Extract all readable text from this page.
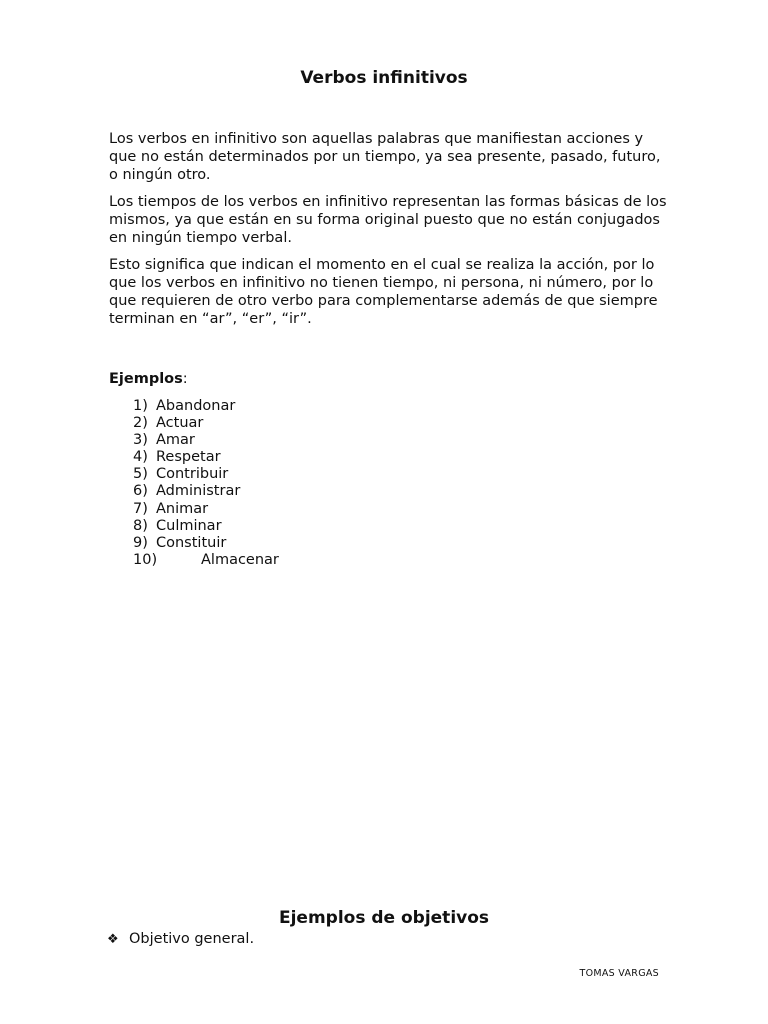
Verbos infinitivos

Los verbos en infinitivo son aquellas palabras que manifiestan acciones y que no están determinados por un tiempo, ya sea presente, pasado, futuro, o ningún otro.

Los tiempos de los verbos en infinitivo representan las formas básicas de los mismos, ya que están en su forma original puesto que no están conjugados en ningún tiempo verbal.

Esto significa que indican el momento en el cual se realiza la acción, por lo que los verbos en infinitivo no tienen tiempo, ni persona, ni número, por lo que requieren de otro verbo para complementarse además de que siempre terminan en “ar”, “er”, “ir”.

Ejemplos:

1) Abandonar
2) Actuar
3) Amar
4) Respetar
5) Contribuir
6) Administrar
7) Animar
8) Culminar
9) Constituir
10)	Almacenar
Ejemplos de objetivos
❖ Objetivo general.
TOMAS VARGAS
